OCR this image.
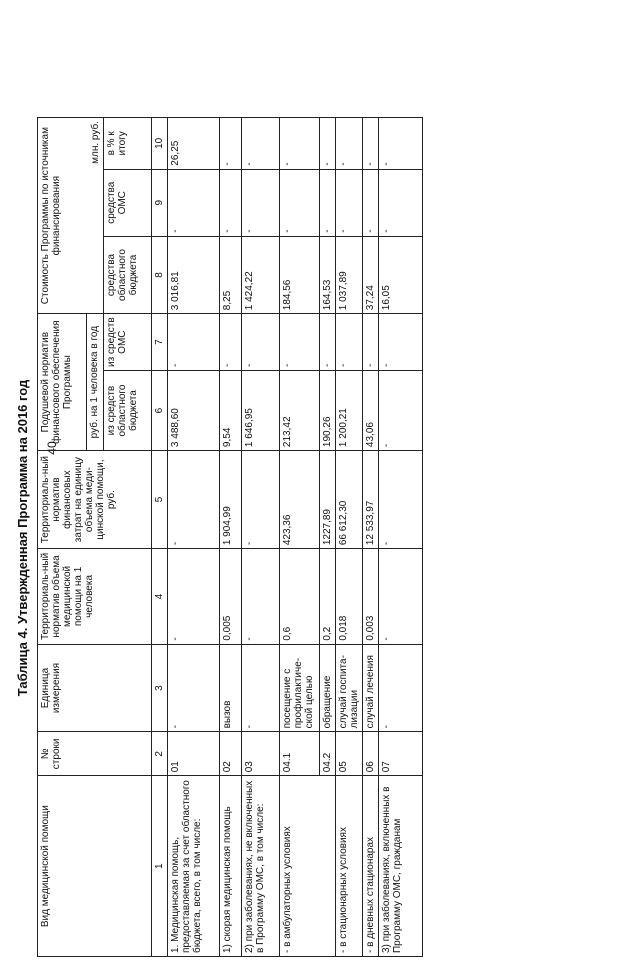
40
Таблица 4. Утвержденная Программа на 2016 год
Вид медицинской помощи	№ строки	Единица измерения	Территориаль-ный норматив объема медицинской помощи на 1 человека	Территориаль-ный норматив финансовых затрат на единицу объема меди-цинской помощи, руб.	Подушевой норматив финансового обеспечения Программы		Стоимость Программы по источникам финансирования
млн. руб.		

					руб. на 1 человека в год				
					из средств областного бюджета	из средств ОМС	средства областного бюджета	средства ОМС	в % к итогу
1	2	3	4	5	6	7	8	9	10
1. Медицинская помощь, предоставляемая за счет областного бюджета, всего, в том числе:	01	-	-	-	3 488,60	-	3 016,81	-	26,25
1) скорая медицинская помощь	02	вызов	0,005	1 904,99	9,54	-	8,25	-	-
2) при заболеваниях, не включенных в Программу ОМС, в том числе:	03	-	-	-	1 646,95	-	1 424,22	-	-
- в амбулаторных условиях	04.1	посещение с профилактиче-ской целью	0,6	423,36	213,42	-	184,56	-	-
	04.2	обращение	0,2	1227,89	190,26	-	164,53	-	-
- в стационарных условиях	05	случай госпита-лизации	0,018	66 612,30	1 200,21	-	1 037,89	-	-
- в дневных стационарах	06	случай лечения	0,003	12 533,97	43,06	-	37,24	-	-
3) при заболеваниях, включенных в Программу ОМС, гражданам	07	-	-	-	-	-	16,05	-	-
